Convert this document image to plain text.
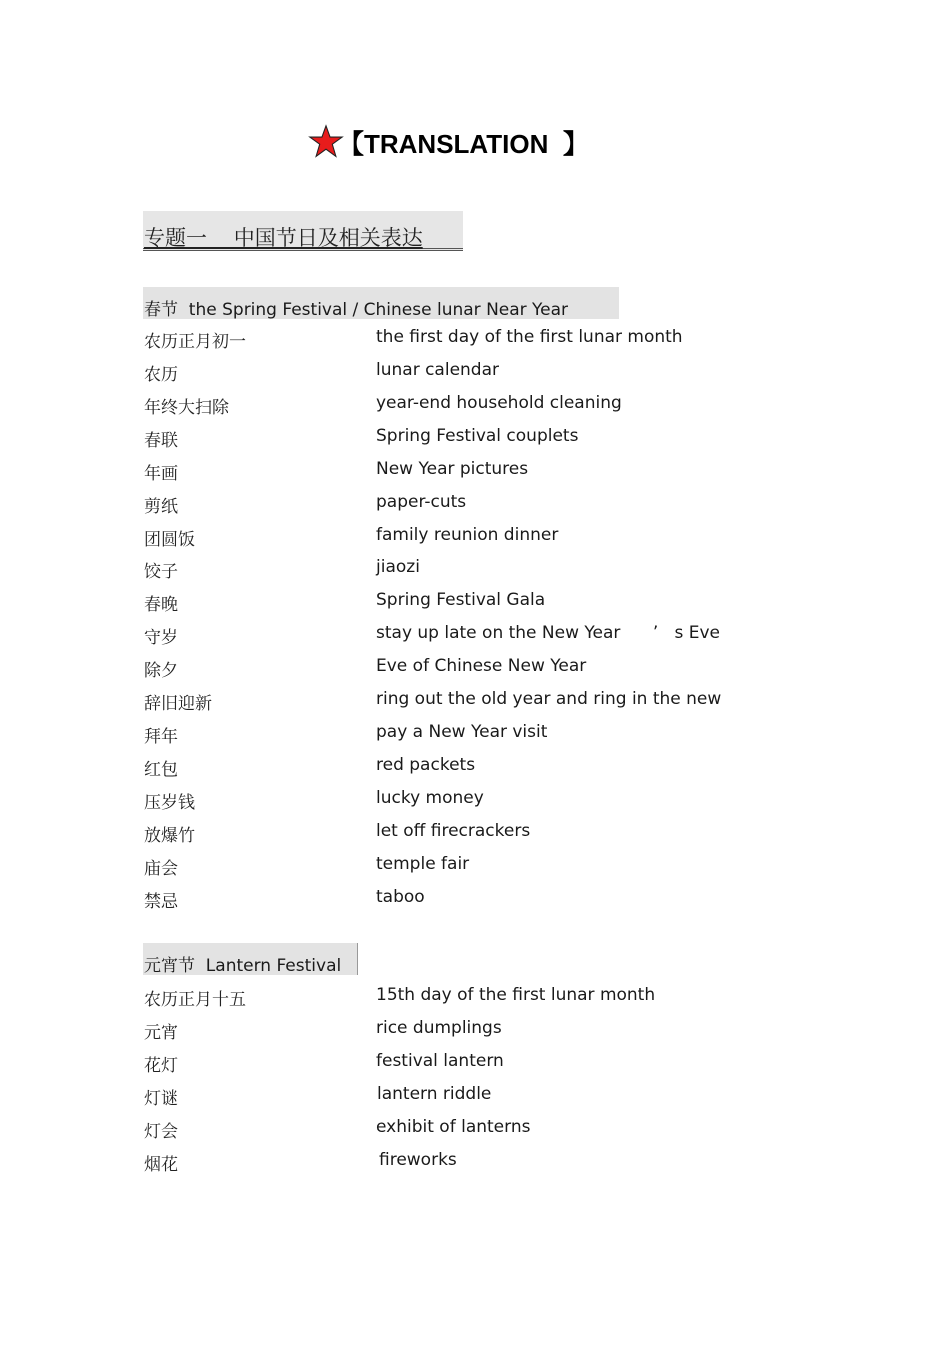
【TRANSLATION  】
专题一    中国节日及相关表达
春节  the Spring Festival / Chinese lunar Near Year
农历正月初一	the first day of the first lunar month
农历	lunar calendar
年终大扫除	year-end household cleaning
春联	Spring Festival couplets
年画	New Year pictures
剪纸	paper-cuts
团圆饭	family reunion dinner
饺子	jiaozi
春晚	Spring Festival Gala
守岁	stay up late on the New Year      ’   s Eve
除夕	Eve of Chinese New Year
辞旧迎新	ring out the old year and ring in the new
拜年	pay a New Year visit
红包	red packets
压岁钱	lucky money
放爆竹	let off firecrackers
庙会	temple fair
禁忌	taboo
元宵节  Lantern Festival
农历正月十五	15th day of the first lunar month
元宵	rice dumplings
花灯	festival lantern
灯谜	lantern riddle
灯会	exhibit of lanterns
烟花	fireworks
